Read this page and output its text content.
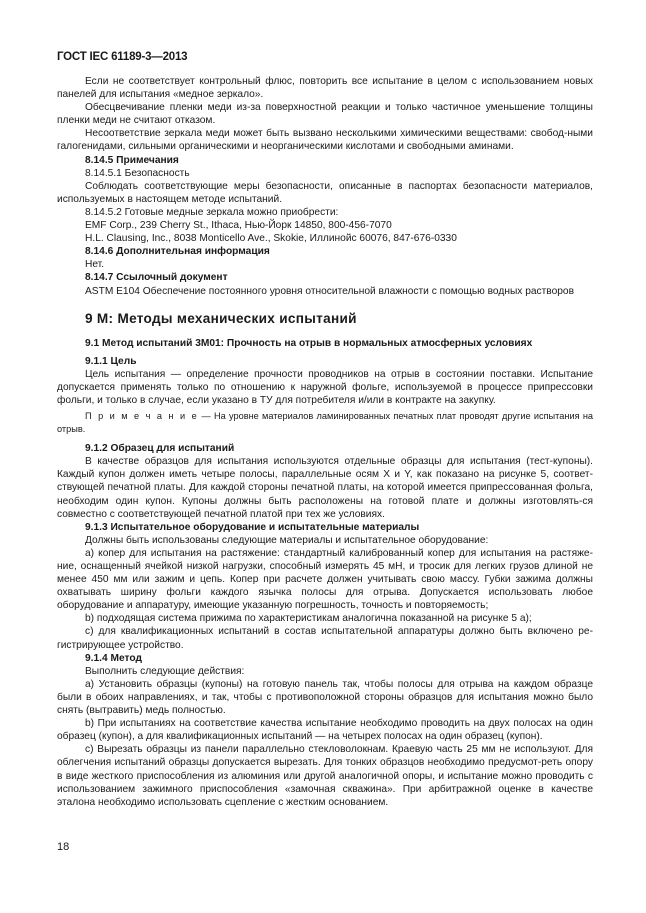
ГОСТ IEC 61189-3—2013

Если не соответствует контрольный флюс, повторить все испытание в целом с использованием новых панелей для испытания «медное зеркало».

Обесцвечивание пленки меди из-за поверхностной реакции и только частичное уменьшение толщины пленки меди не считают отказом.

Несоответствие зеркала меди может быть вызвано несколькими химическими веществами: свобод-ными галогенидами, сильными органическими и неорганическими кислотами и свободными аминами.

8.14.5 Примечания

8.14.5.1 Безопасность

Соблюдать соответствующие меры безопасности, описанные в паспортах безопасности материалов, используемых в настоящем методе испытаний.

8.14.5.2 Готовые медные зеркала можно приобрести:

EMF Corp., 239 Cherry St., Ithaca, Нью-Йорк 14850, 800-456-7070

H.L. Clausing, Inc., 8038 Monticello Ave., Skokie, Иллинойс 60076, 847-676-0330

8.14.6 Дополнительная информация

Нет.

8.14.7 Ссылочный документ

ASTM E104 Обеспечение постоянного уровня относительной влажности с помощью водных растворов

9 М: Методы механических испытаний

9.1 Метод испытаний 3М01: Прочность на отрыв в нормальных атмосферных условиях

9.1.1 Цель

Цель испытания — определение прочности проводников на отрыв в состоянии поставки. Испытание допускается применять только по отношению к наружной фольге, используемой в процессе припрессовки фольги, и только в случае, если указано в ТУ для потребителя и/или в контракте на закупку.

П р и м е ч а н и е — На уровне материалов ламинированных печатных плат проводят другие испытания на отрыв.

9.1.2 Образец для испытаний

В качестве образцов для испытания используются отдельные образцы для испытания (тест-купоны). Каждый купон должен иметь четыре полосы, параллельные осям X и Y, как показано на рисунке 5, соответ-ствующей печатной платы. Для каждой стороны печатной платы, на которой имеется припрессованная фольга, необходим один купон. Купоны должны быть расположены на готовой плате и должны изготовлять-ся совместно с соответствующей печатной платой при тех же условиях.

9.1.3 Испытательное оборудование и испытательные материалы

Должны быть использованы следующие материалы и испытательное оборудование:

а) копер для испытания на растяжение: стандартный калиброванный копер для испытания на растяже-ние, оснащенный ячейкой низкой нагрузки, способный измерять 45 мН, и тросик для легких грузов длиной не менее 450 мм или зажим и цепь. Копер при расчете должен учитывать свою массу. Губки зажима должны охватывать ширину фольги каждого язычка полосы для отрыва. Допускается использовать любое оборудование и аппаратуру, имеющие указанную погрешность, точность и повторяемость;

b) подходящая система прижима по характеристикам аналогична показанной на рисунке 5 а);

с) для квалификационных испытаний в состав испытательной аппаратуры должно быть включено ре-гистрирующее устройство.

9.1.4 Метод

Выполнить следующие действия:

а) Установить образцы (купоны) на готовую панель так, чтобы полосы для отрыва на каждом образце были в обоих направлениях, и так, чтобы с противоположной стороны образцов для испытания можно было снять (вытравить) медь полностью.

b) При испытаниях на соответствие качества испытание необходимо проводить на двух полосах на один образец (купон), а для квалификационных испытаний — на четырех полосах на один образец (купон).

с) Вырезать образцы из панели параллельно стекловолокнам. Краевую часть 25 мм не используют. Для облегчения испытаний образцы допускается вырезать. Для тонких образцов необходимо предусмот-реть опору в виде жесткого приспособления из алюминия или другой аналогичной опоры, и испытание можно проводить с использованием зажимного приспособления «замочная скважина». При арбитражной оценке в качестве эталона необходимо использовать сцепление с жестким основанием.

18
